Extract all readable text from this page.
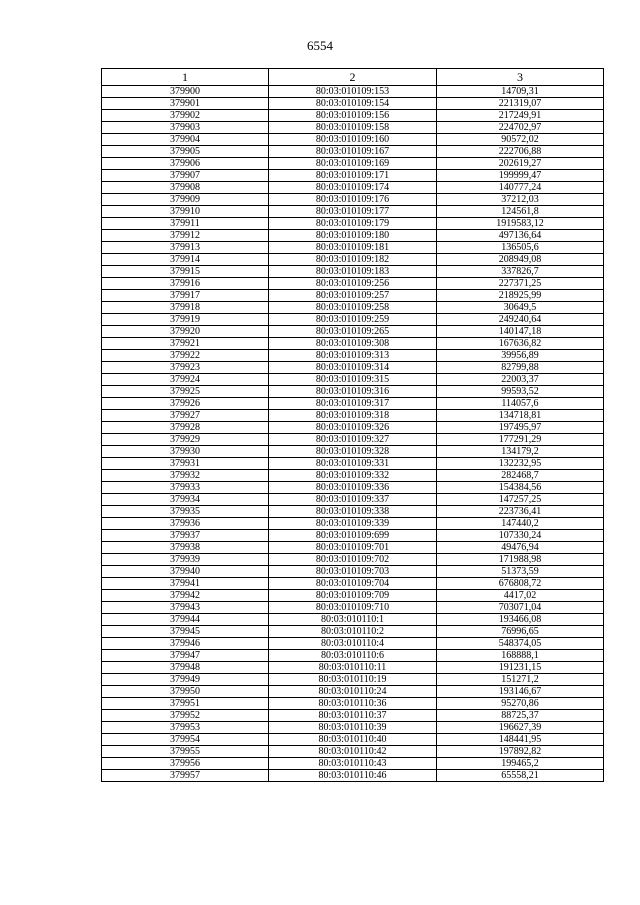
6554
1	2	3
379900	80:03:010109:153	14709,31
379901	80:03:010109:154	221319,07
379902	80:03:010109:156	217249,91
379903	80:03:010109:158	224702,97
379904	80:03:010109:160	90572,02
379905	80:03:010109:167	222706,88
379906	80:03:010109:169	202619,27
379907	80:03:010109:171	199999,47
379908	80:03:010109:174	140777,24
379909	80:03:010109:176	37212,03
379910	80:03:010109:177	124561,8
379911	80:03:010109:179	1919583,12
379912	80:03:010109:180	497136,64
379913	80:03:010109:181	136505,6
379914	80:03:010109:182	208949,08
379915	80:03:010109:183	337826,7
379916	80:03:010109:256	227371,25
379917	80:03:010109:257	218925,99
379918	80:03:010109:258	30649,5
379919	80:03:010109:259	249240,64
379920	80:03:010109:265	140147,18
379921	80:03:010109:308	167636,82
379922	80:03:010109:313	39956,89
379923	80:03:010109:314	82799,88
379924	80:03:010109:315	22003,37
379925	80:03:010109:316	99593,52
379926	80:03:010109:317	114057,6
379927	80:03:010109:318	134718,81
379928	80:03:010109:326	197495,97
379929	80:03:010109:327	177291,29
379930	80:03:010109:328	134179,2
379931	80:03:010109:331	132232,95
379932	80:03:010109:332	282468,7
379933	80:03:010109:336	154384,56
379934	80:03:010109:337	147257,25
379935	80:03:010109:338	223736,41
379936	80:03:010109:339	147440,2
379937	80:03:010109:699	107330,24
379938	80:03:010109:701	49476,94
379939	80:03:010109:702	171988,98
379940	80:03:010109:703	51373,59
379941	80:03:010109:704	676808,72
379942	80:03:010109:709	4417,02
379943	80:03:010109:710	703071,04
379944	80:03:010110:1	193466,08
379945	80:03:010110:2	76996,65
379946	80:03:010110:4	548374,05
379947	80:03:010110:6	168888,1
379948	80:03:010110:11	191231,15
379949	80:03:010110:19	151271,2
379950	80:03:010110:24	193146,67
379951	80:03:010110:36	95270,86
379952	80:03:010110:37	88725,37
379953	80:03:010110:39	196627,39
379954	80:03:010110:40	148441,95
379955	80:03:010110:42	197892,82
379956	80:03:010110:43	199465,2
379957	80:03:010110:46	65558,21
